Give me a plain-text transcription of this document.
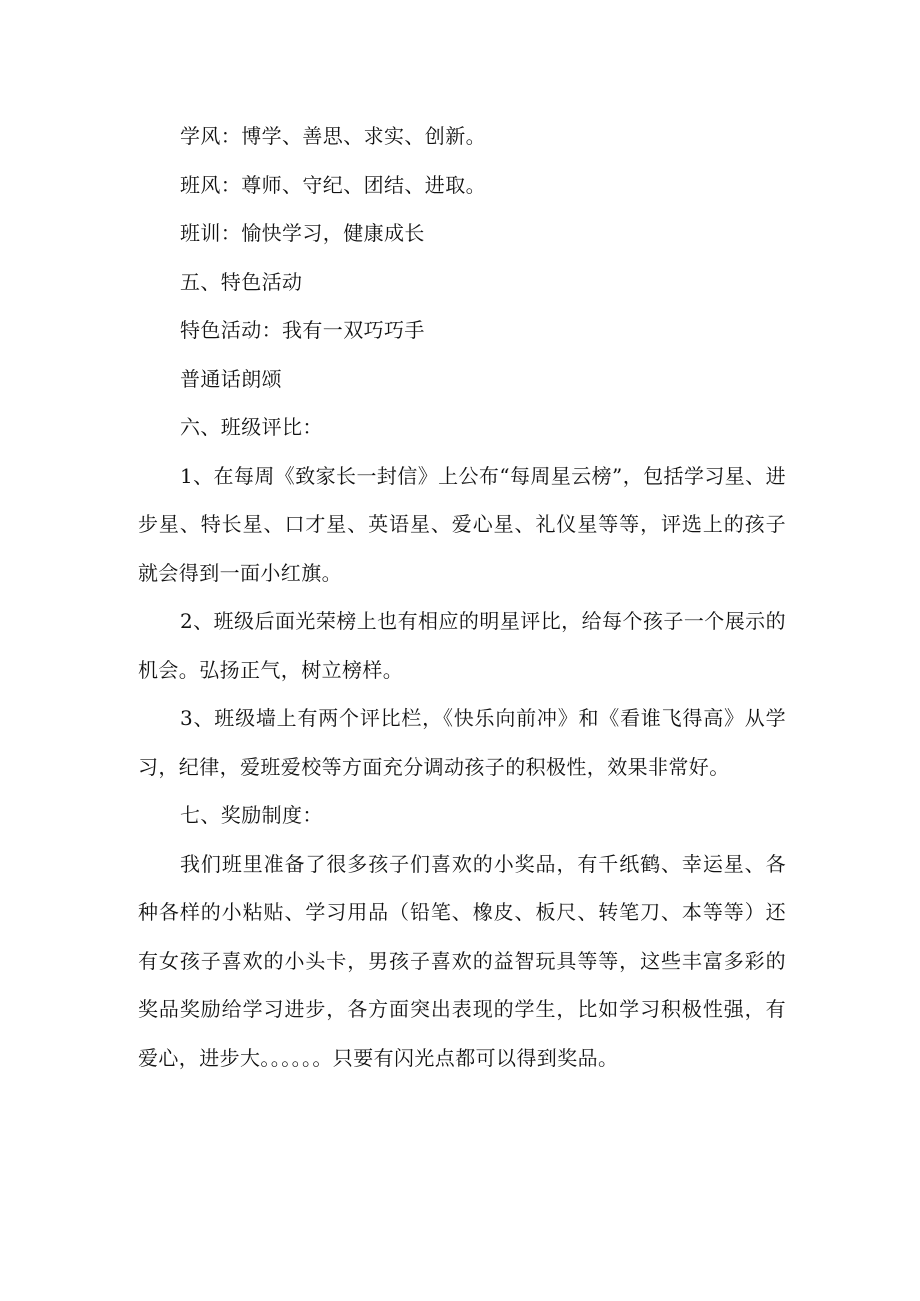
学风：博学、善思、求实、创新。

班风：尊师、守纪、团结、进取。

班训：愉快学习，健康成长

五、特色活动

特色活动：我有一双巧巧手

普通话朗颂

六、班级评比：

1、在每周《致家长一封信》上公布“每周星云榜”，包括学习星、进步星、特长星、口才星、英语星、爱心星、礼仪星等等，评选上的孩子就会得到一面小红旗。

2、班级后面光荣榜上也有相应的明星评比，给每个孩子一个展示的机会。弘扬正气，树立榜样。

3、班级墙上有两个评比栏，《快乐向前冲》和《看谁飞得高》从学习，纪律，爱班爱校等方面充分调动孩子的积极性，效果非常好。

七、奖励制度：

我们班里准备了很多孩子们喜欢的小奖品，有千纸鹤、幸运星、各种各样的小粘贴、学习用品（铅笔、橡皮、板尺、转笔刀、本等等）还有女孩子喜欢的小头卡，男孩子喜欢的益智玩具等等，这些丰富多彩的奖品奖励给学习进步，各方面突出表现的学生，比如学习积极性强，有爱心，进步大。。。。。。只要有闪光点都可以得到奖品。
